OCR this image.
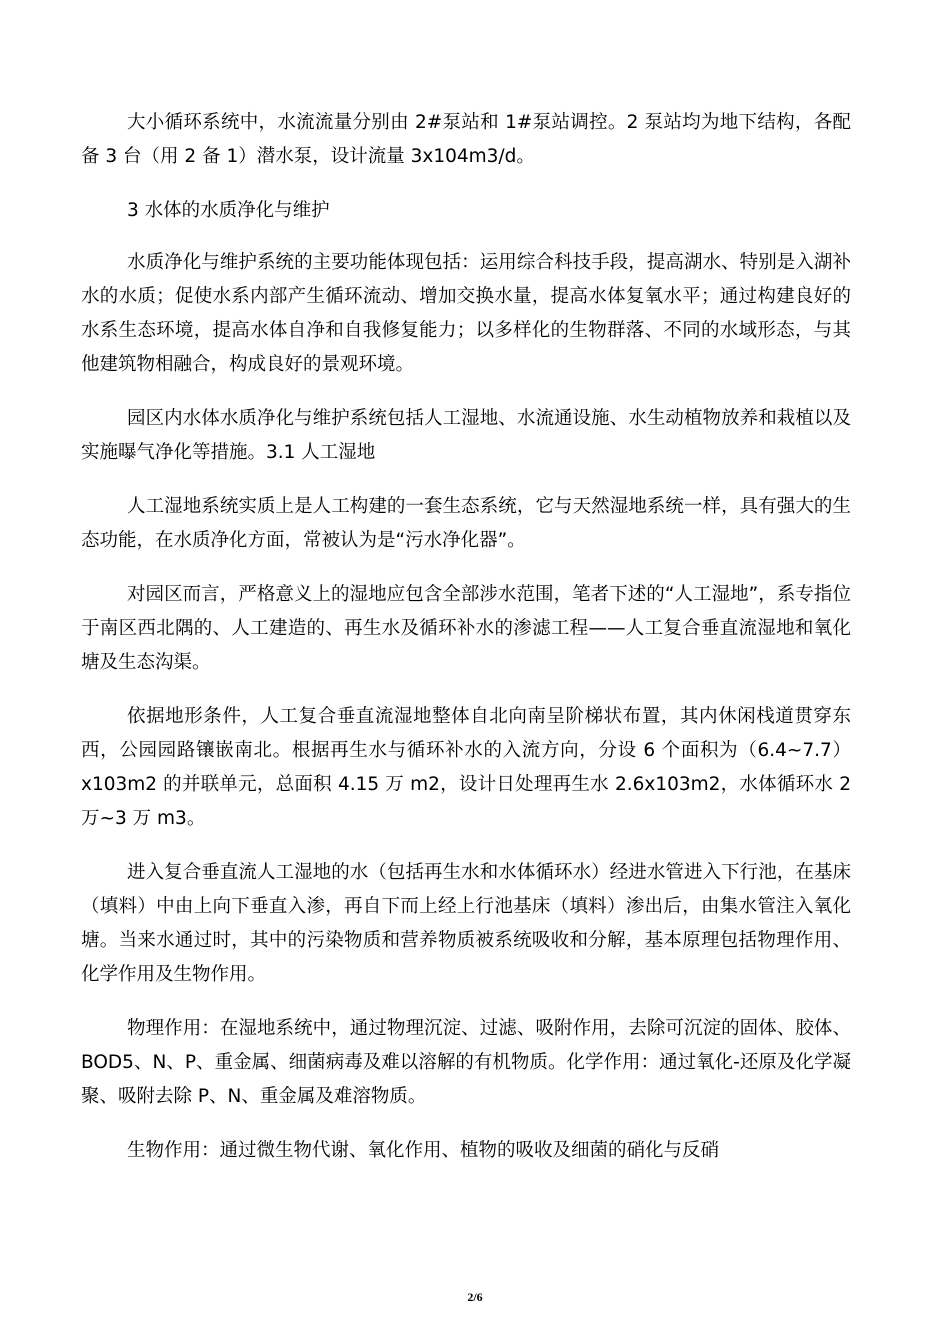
大小循环系统中，水流流量分别由 2#泵站和 1#泵站调控。2 泵站均为地下结构，各配备 3 台（用 2 备 1）潜水泵，设计流量 3x104m3/d。

3 水体的水质净化与维护

水质净化与维护系统的主要功能体现包括：运用综合科技手段，提高湖水、特别是入湖补水的水质；促使水系内部产生循环流动、增加交换水量，提高水体复氧水平；通过构建良好的水系生态环境，提高水体自净和自我修复能力；以多样化的生物群落、不同的水域形态，与其他建筑物相融合，构成良好的景观环境。

园区内水体水质净化与维护系统包括人工湿地、水流通设施、水生动植物放养和栽植以及实施曝气净化等措施。3.1 人工湿地

人工湿地系统实质上是人工构建的一套生态系统，它与天然湿地系统一样，具有强大的生态功能，在水质净化方面，常被认为是“污水净化器”。

对园区而言，严格意义上的湿地应包含全部涉水范围，笔者下述的“人工湿地”，系专指位于南区西北隅的、人工建造的、再生水及循环补水的渗滤工程——人工复合垂直流湿地和氧化塘及生态沟渠。

依据地形条件，人工复合垂直流湿地整体自北向南呈阶梯状布置，其内休闲栈道贯穿东西，公园园路镶嵌南北。根据再生水与循环补水的入流方向，分设 6 个面积为（6.4~7.7）x103m2 的并联单元，总面积 4.15 万 m2，设计日处理再生水 2.6x103m2，水体循环水 2 万~3 万 m3。

进入复合垂直流人工湿地的水（包括再生水和水体循环水）经进水管进入下行池，在基床（填料）中由上向下垂直入渗，再自下而上经上行池基床（填料）渗出后，由集水管注入氧化塘。当来水通过时，其中的污染物质和营养物质被系统吸收和分解，基本原理包括物理作用、化学作用及生物作用。

物理作用：在湿地系统中，通过物理沉淀、过滤、吸附作用，去除可沉淀的固体、胶体、BOD5、N、P、重金属、细菌病毒及难以溶解的有机物质。化学作用：通过氧化-还原及化学凝聚、吸附去除 P、N、重金属及难溶物质。

生物作用：通过微生物代谢、氧化作用、植物的吸收及细菌的硝化与反硝

2/6
